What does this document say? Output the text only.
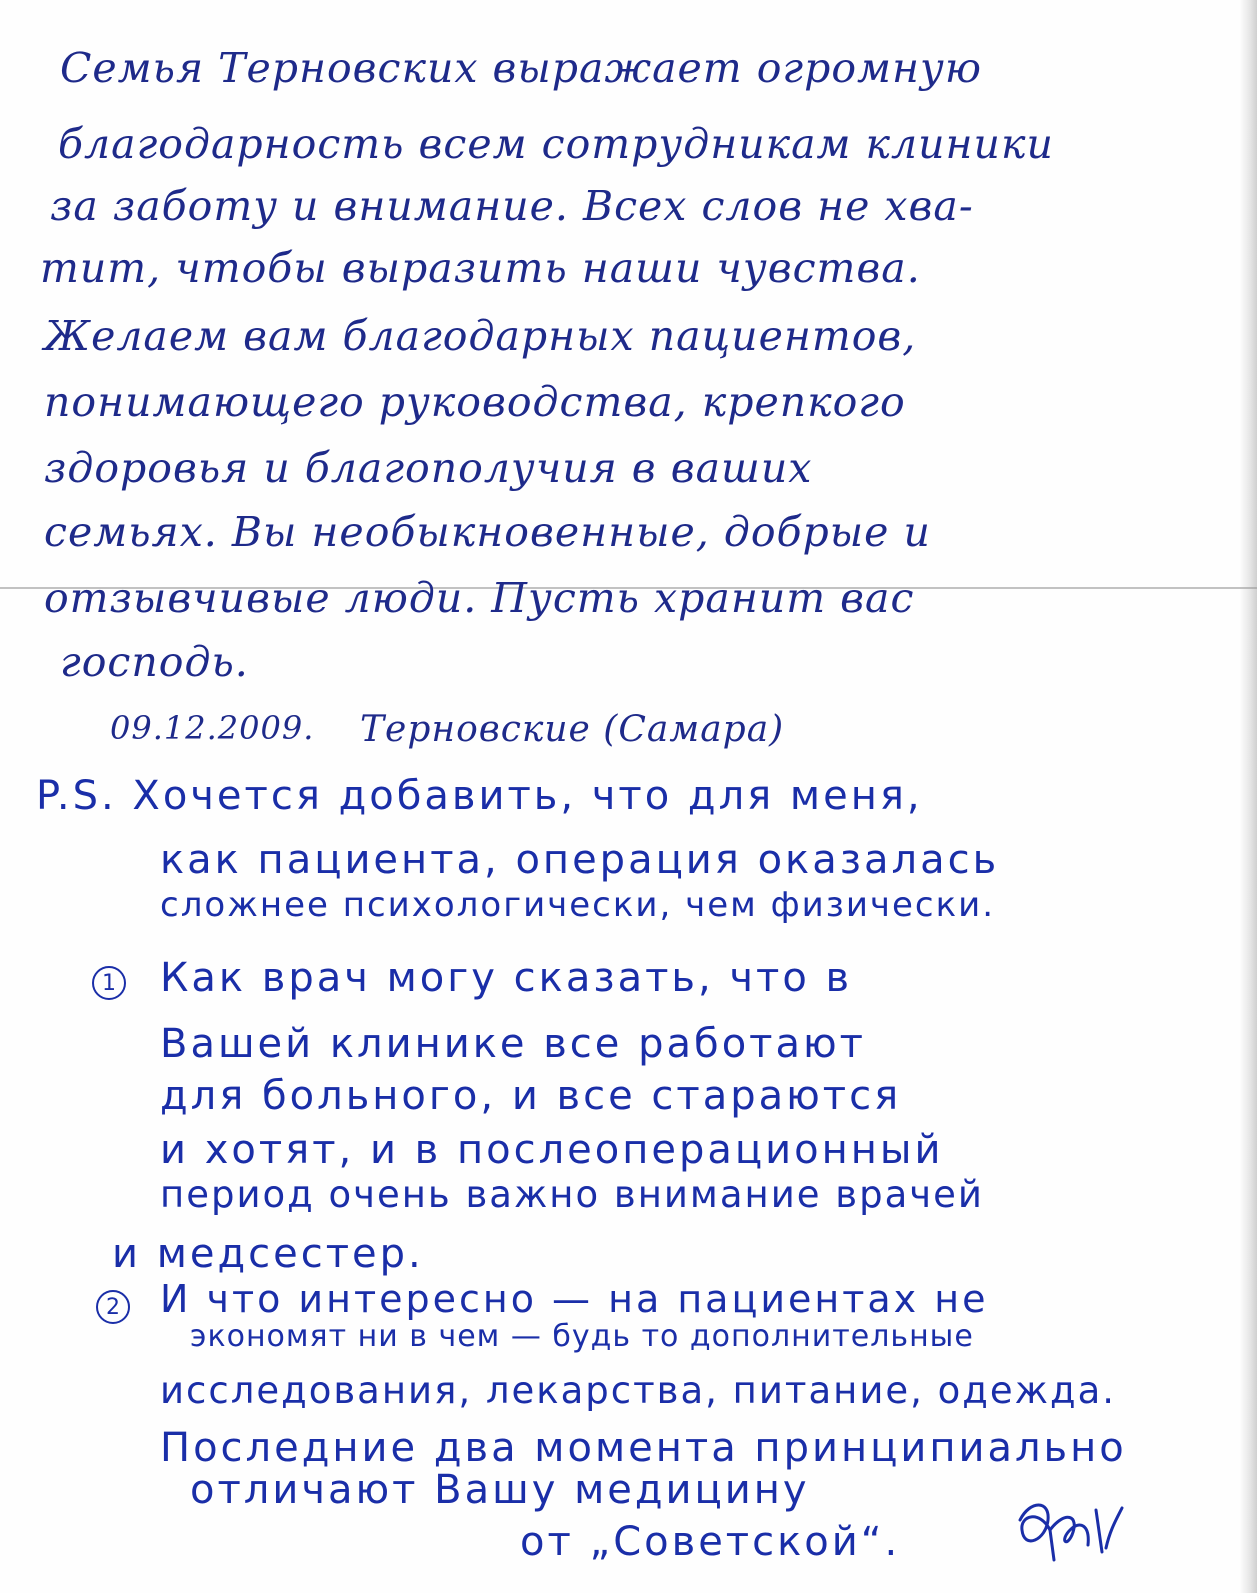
Семья Терновских выражает огромную
благодарность всем сотрудникам клиники
за заботу и внимание. Всех слов не хва-
тит, чтобы выразить наши чувства.
Желаем вам благодарных пациентов,
понимающего руководства, крепкого
здоровья и благополучия в ваших
семьях. Вы необыкновенные, добрые и
отзывчивые люди. Пусть хранит вас
господь.
09.12.2009. Терновские (Самара)
P.S. Хочется добавить, что для меня,
как пациента, операция оказалась
сложнее психологически, чем физически.
1 Как врач могу сказать, что в
Вашей клинике все работают
для больного, и все стараются
и хотят, и в послеоперационный
период очень важно внимание врачей
и медсестер.
2 И что интересно — на пациентах не
экономят ни в чем — будь то дополнительные
исследования, лекарства, питание, одежда.
Последние два момента принципиально
отличают Вашу медицину
от „Советской“.
